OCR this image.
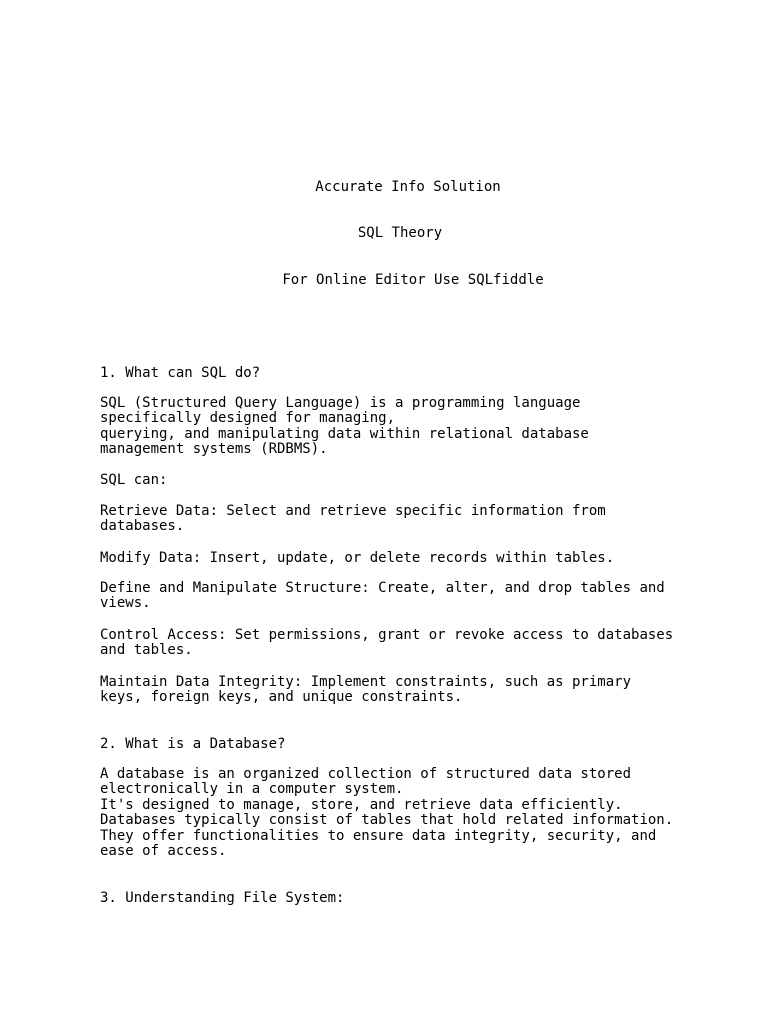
Accurate Info Solution
SQL Theory
For Online Editor Use SQLfiddle
1. What can SQL do?
SQL (Structured Query Language) is a programming language
specifically designed for managing,
querying, and manipulating data within relational database
management systems (RDBMS).
SQL can:
Retrieve Data: Select and retrieve specific information from
databases.
Modify Data: Insert, update, or delete records within tables.
Define and Manipulate Structure: Create, alter, and drop tables and
views.
Control Access: Set permissions, grant or revoke access to databases
and tables.
Maintain Data Integrity: Implement constraints, such as primary
keys, foreign keys, and unique constraints.
2. What is a Database?
A database is an organized collection of structured data stored
electronically in a computer system.
It's designed to manage, store, and retrieve data efficiently.
Databases typically consist of tables that hold related information.
They offer functionalities to ensure data integrity, security, and
ease of access.
3. Understanding File System:
